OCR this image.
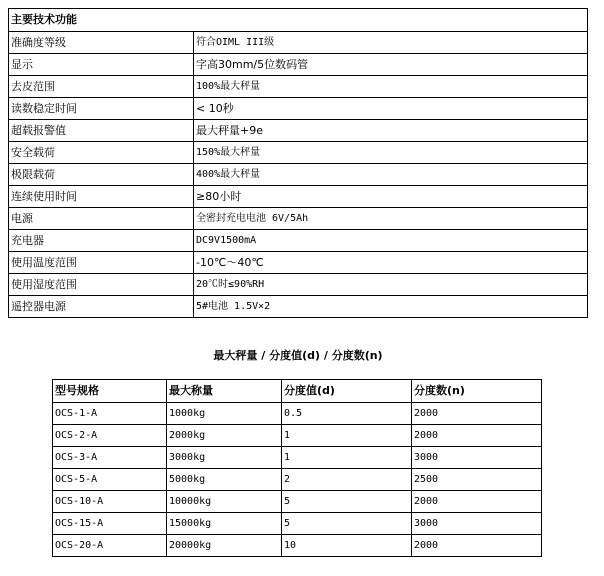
主要技术功能	
准确度等级	符合OIML III级
显示	字高30mm/5位数码管
去皮范围	100%最大秤量
读数稳定时间	< 10秒
超载报警值	最大秤量+9e
安全载荷	150%最大秤量
极限载荷	400%最大秤量
连续使用时间	≥80小时
电源	全密封充电电池 6V/5Ah
充电器	DC9V1500mA
使用温度范围	-10℃～40℃
使用湿度范围	20℃时≤90%RH
遥控器电源	5#电池 1.5V×2
最大秤量 / 分度值(d) / 分度数(n)
型号规格	最大称量	分度值(d)	分度数(n)
OCS-1-A	1000kg	0.5	2000
OCS-2-A	2000kg	1	2000
OCS-3-A	3000kg	1	3000
OCS-5-A	5000kg	2	2500
OCS-10-A	10000kg	5	2000
OCS-15-A	15000kg	5	3000
OCS-20-A	20000kg	10	2000
